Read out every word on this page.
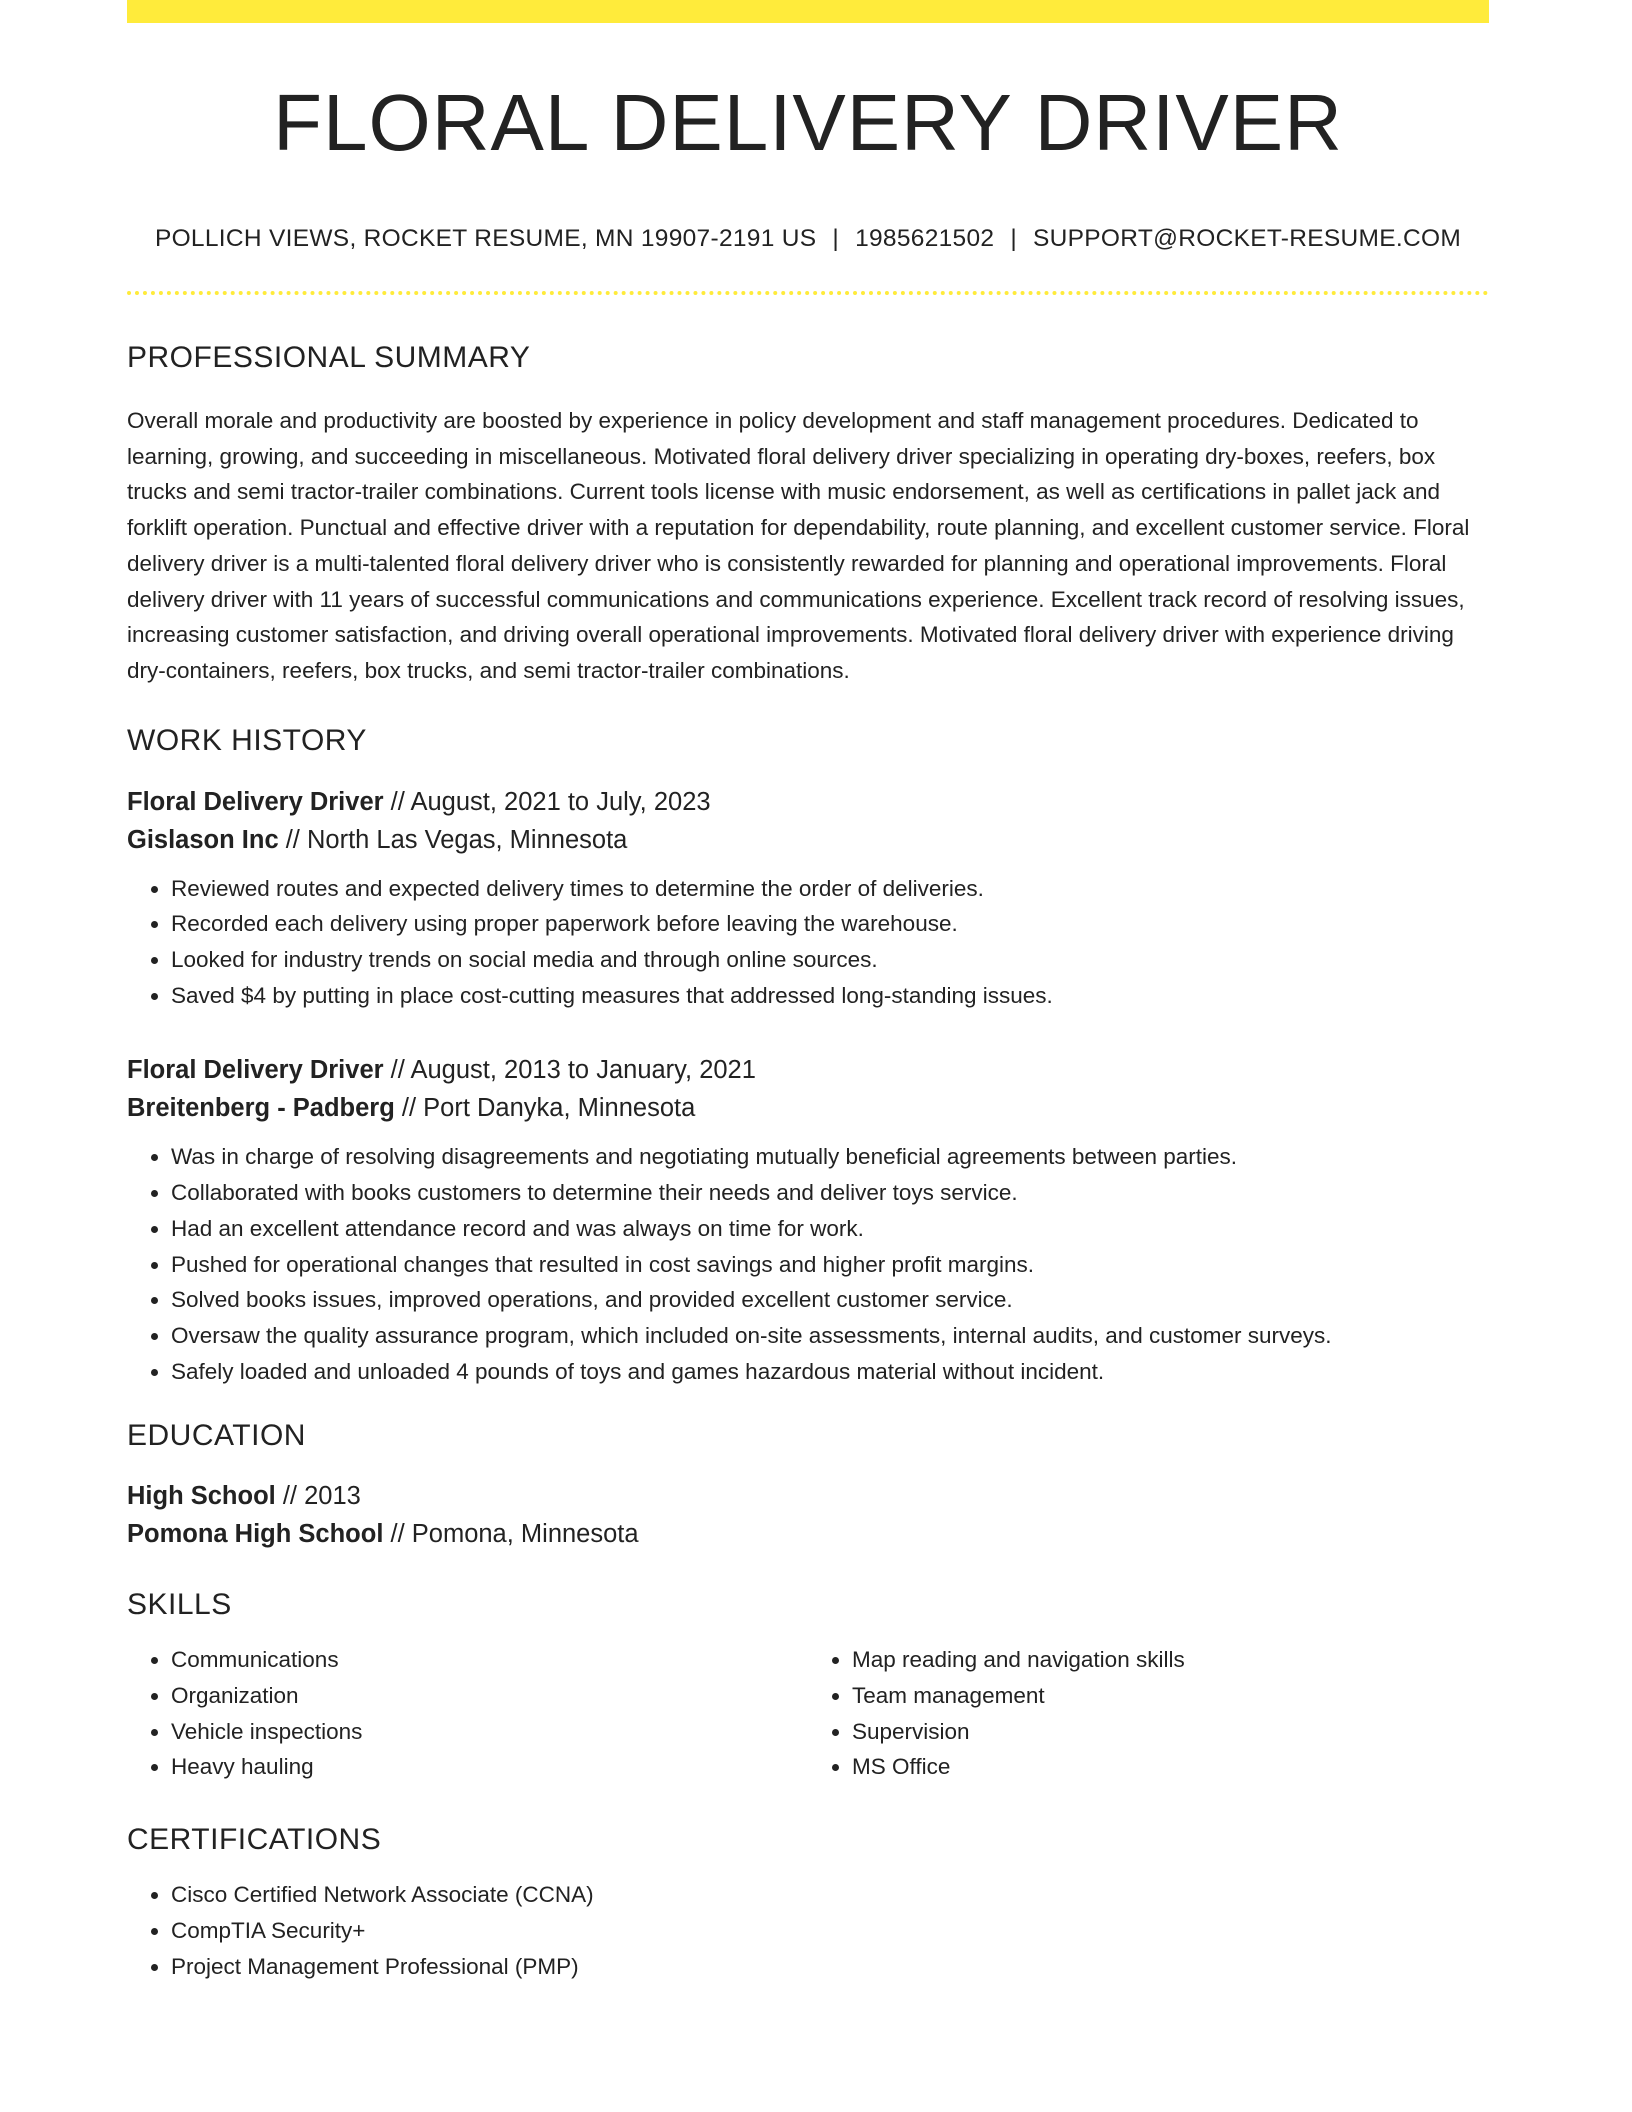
FLORAL DELIVERY DRIVER
POLLICH VIEWS, ROCKET RESUME, MN 19907-2191 US | 1985621502 | SUPPORT@ROCKET-RESUME.COM
PROFESSIONAL SUMMARY
Overall morale and productivity are boosted by experience in policy development and staff management procedures. Dedicated to learning, growing, and succeeding in miscellaneous. Motivated floral delivery driver specializing in operating dry-boxes, reefers, box trucks and semi tractor-trailer combinations. Current tools license with music endorsement, as well as certifications in pallet jack and forklift operation. Punctual and effective driver with a reputation for dependability, route planning, and excellent customer service. Floral delivery driver is a multi-talented floral delivery driver who is consistently rewarded for planning and operational improvements. Floral delivery driver with 11 years of successful communications and communications experience. Excellent track record of resolving issues, increasing customer satisfaction, and driving overall operational improvements. Motivated floral delivery driver with experience driving dry-containers, reefers, box trucks, and semi tractor-trailer combinations.
WORK HISTORY
Floral Delivery Driver // August, 2021 to July, 2023
Gislason Inc // North Las Vegas, Minnesota
• Reviewed routes and expected delivery times to determine the order of deliveries.
• Recorded each delivery using proper paperwork before leaving the warehouse.
• Looked for industry trends on social media and through online sources.
• Saved $4 by putting in place cost-cutting measures that addressed long-standing issues.
Floral Delivery Driver // August, 2013 to January, 2021
Breitenberg - Padberg // Port Danyka, Minnesota
• Was in charge of resolving disagreements and negotiating mutually beneficial agreements between parties.
• Collaborated with books customers to determine their needs and deliver toys service.
• Had an excellent attendance record and was always on time for work.
• Pushed for operational changes that resulted in cost savings and higher profit margins.
• Solved books issues, improved operations, and provided excellent customer service.
• Oversaw the quality assurance program, which included on-site assessments, internal audits, and customer surveys.
• Safely loaded and unloaded 4 pounds of toys and games hazardous material without incident.
EDUCATION
High School // 2013
Pomona High School // Pomona, Minnesota
SKILLS
• Communications
• Organization
• Vehicle inspections
• Heavy hauling
• Map reading and navigation skills
• Team management
• Supervision
• MS Office
CERTIFICATIONS
• Cisco Certified Network Associate (CCNA)
• CompTIA Security+
• Project Management Professional (PMP)
